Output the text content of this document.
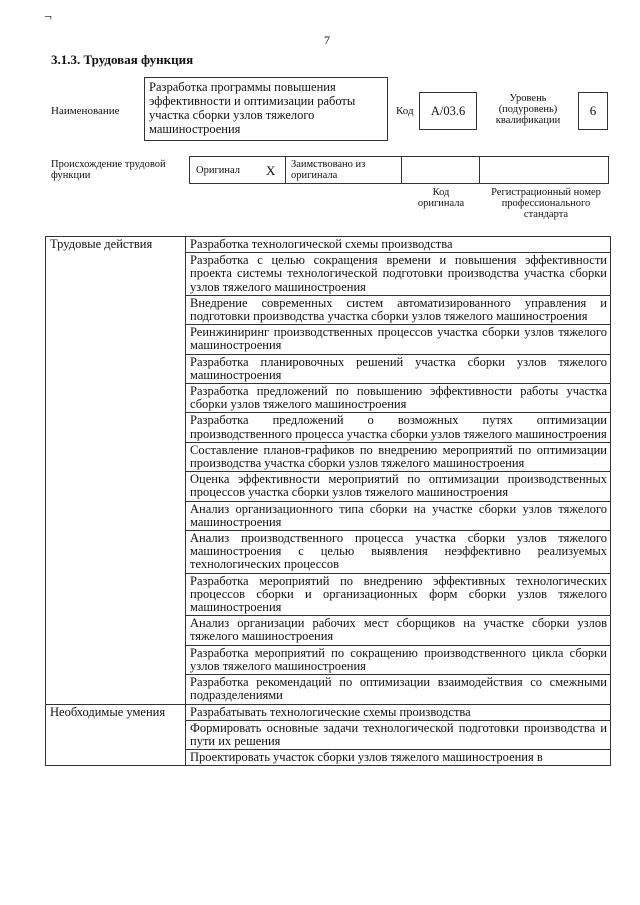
¬
7
3.1.3. Трудовая функция
Наименование
Разработка программы повышения эффективности и оптимизации работы участка сборки узлов тяжелого машиностроения
Код А/03.6
Уровень (подуровень) квалификации
6
Происхождение трудовой функции	Оригинал X Заимствовано из оригинала
Код оригинала
Регистрационный номер профессионального стандарта
Трудовые действия	Разработка технологической схемы производства
	Разработка с целью сокращения времени и повышения эффективности проекта системы технологической подготовки производства участка сборки узлов тяжелого машиностроения
	Внедрение современных систем автоматизированного управления и подготовки производства участка сборки узлов тяжелого машиностроения
	Реинжиниринг производственных процессов участка сборки узлов тяжелого машиностроения
	Разработка планировочных решений участка сборки узлов тяжелого машиностроения
	Разработка предложений по повышению эффективности работы участка сборки узлов тяжелого машиностроения
	Разработка предложений о возможных путях оптимизации производственного процесса участка сборки узлов тяжелого машиностроения
	Составление планов-графиков по внедрению мероприятий по оптимизации производства участка сборки узлов тяжелого машиностроения
	Оценка эффективности мероприятий по оптимизации производственных процессов участка сборки узлов тяжелого машиностроения
	Анализ организационного типа сборки на участке сборки узлов тяжелого машиностроения
	Анализ производственного процесса участка сборки узлов тяжелого машиностроения с целью выявления неэффективно реализуемых технологических процессов
	Разработка мероприятий по внедрению эффективных технологических процессов сборки и организационных форм сборки узлов тяжелого машиностроения
	Анализ организации рабочих мест сборщиков на участке сборки узлов тяжелого машиностроения
	Разработка мероприятий по сокращению производственного цикла сборки узлов тяжелого машиностроения
	Разработка рекомендаций по оптимизации взаимодействия со смежными подразделениями
Необходимые умения	Разрабатывать технологические схемы производства
	Формировать основные задачи технологической подготовки производства и пути их решения
	Проектировать участок сборки узлов тяжелого машиностроения в
